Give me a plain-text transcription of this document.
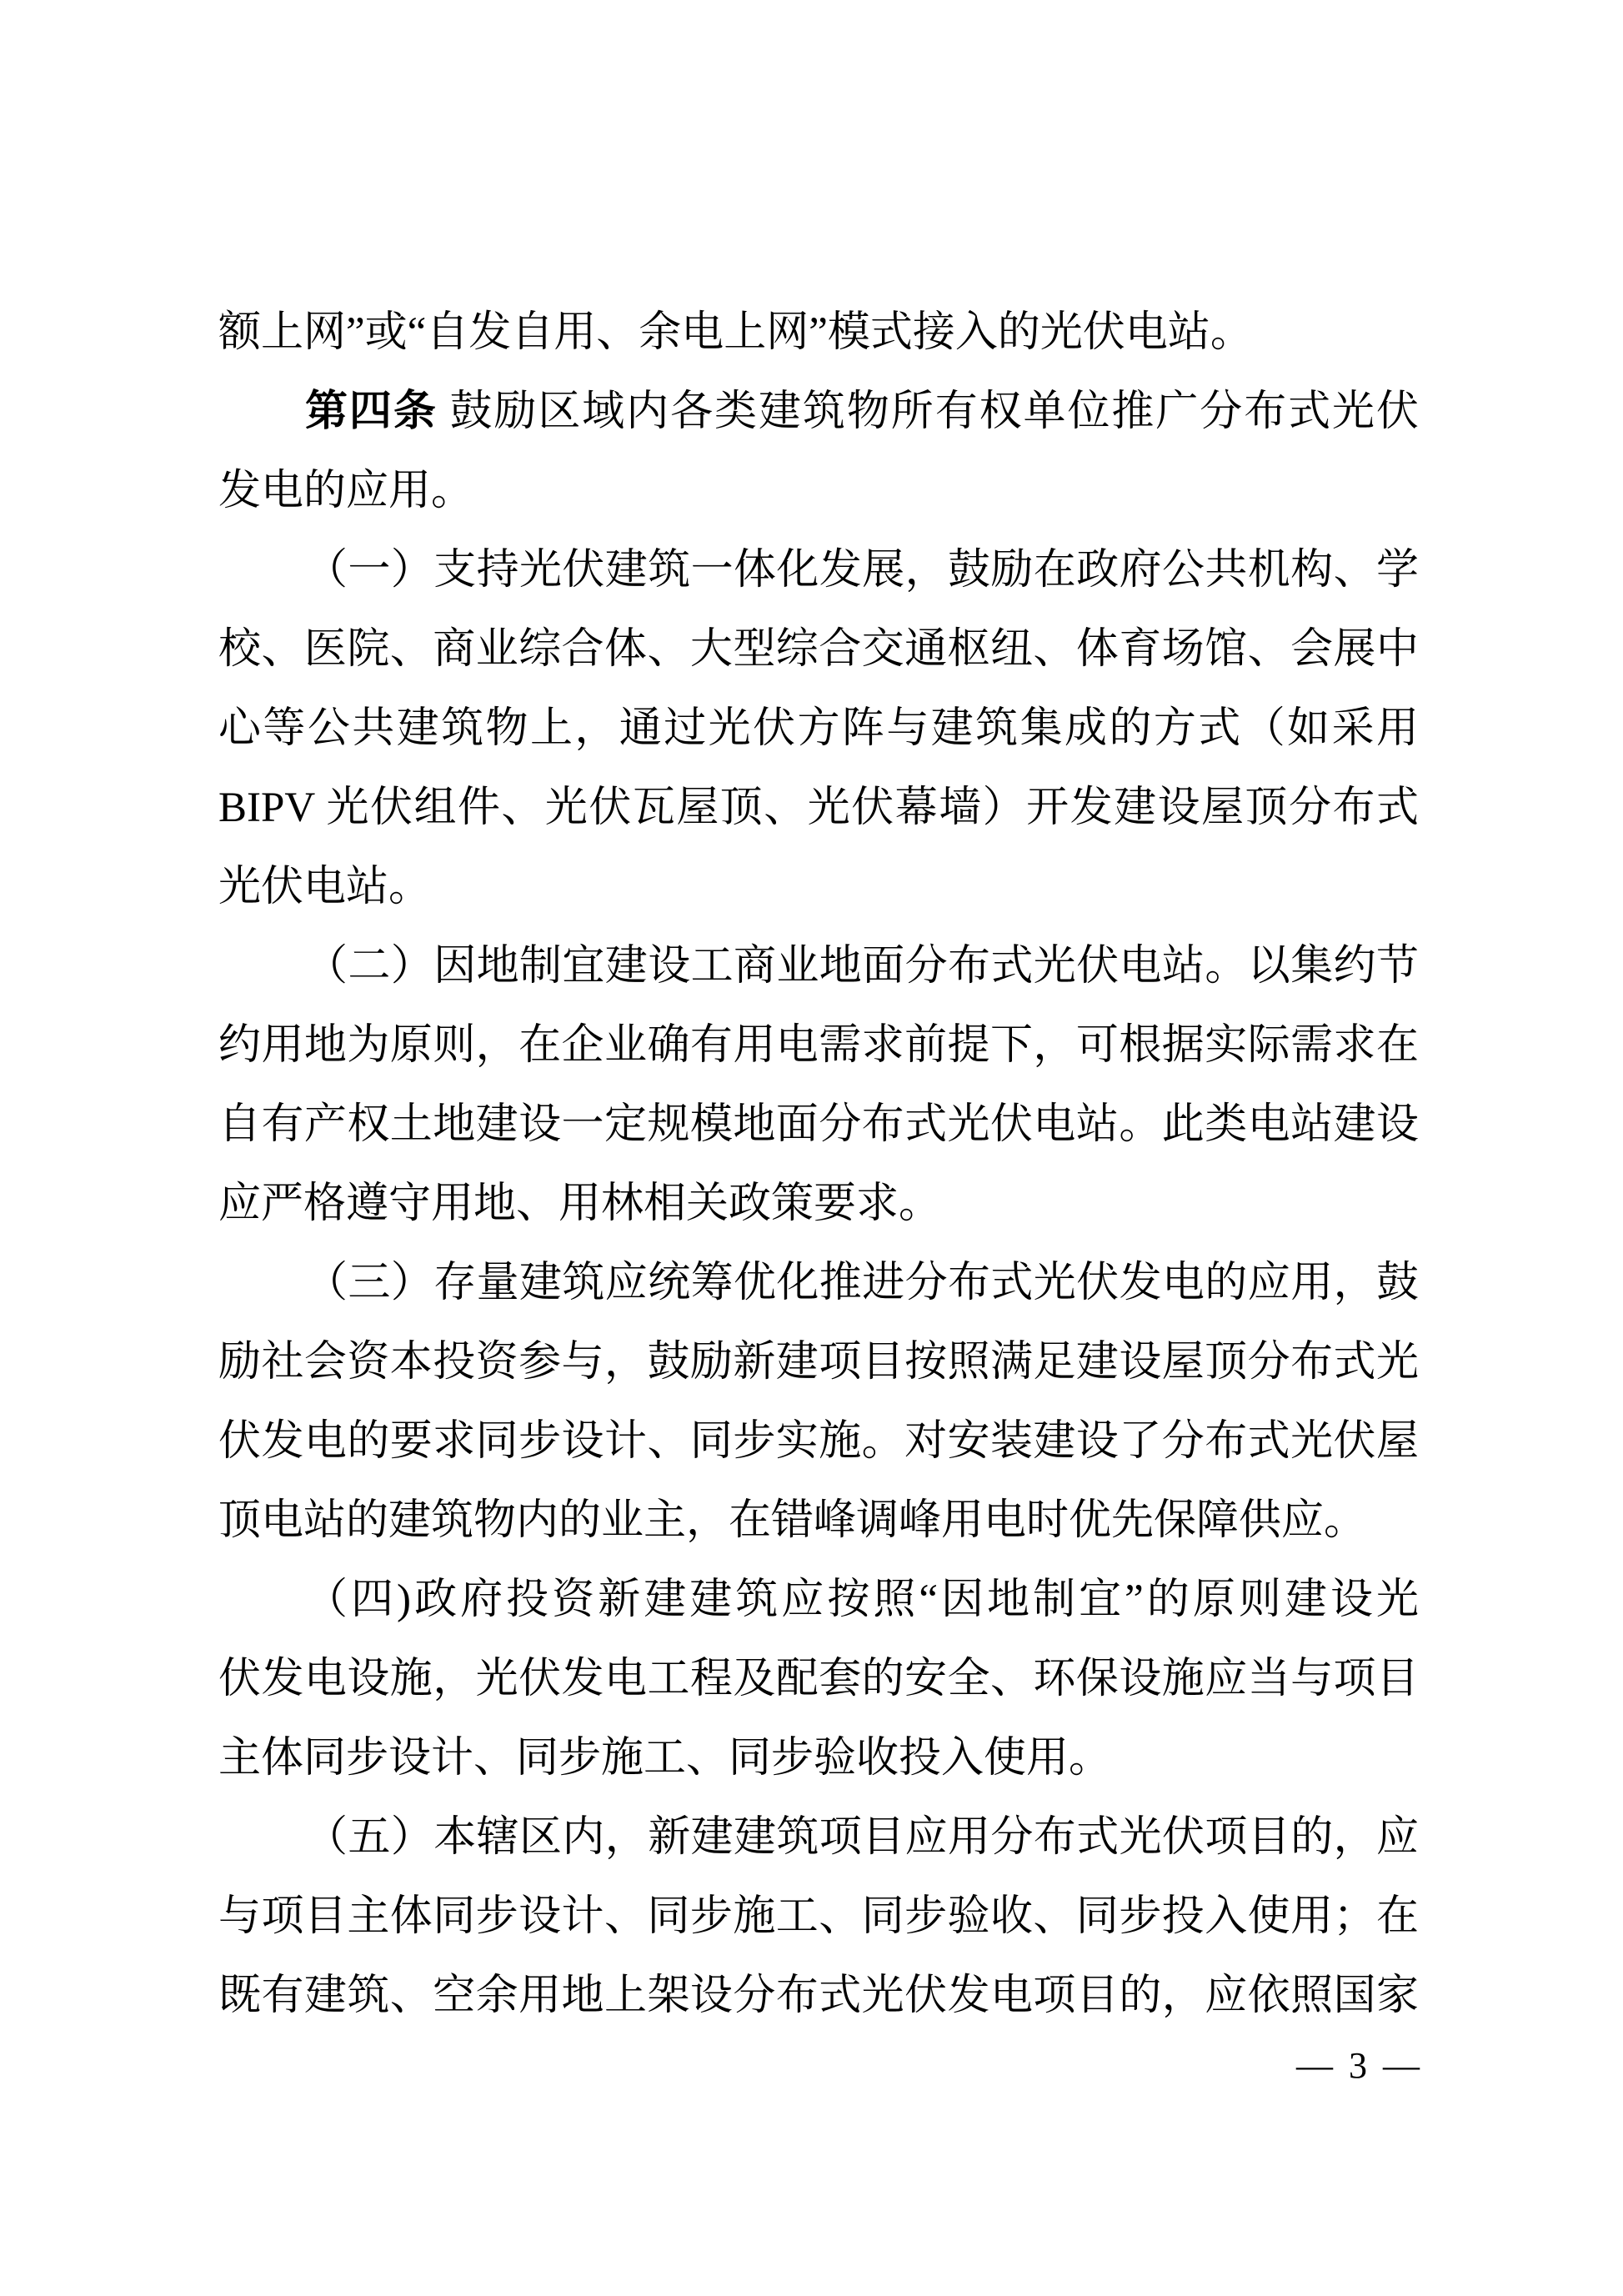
额上网”或“自发自用、余电上网”模式接入的光伏电站。
第四条 鼓励区域内各类建筑物所有权单位推广分布式光伏
发电的应用。
（一）支持光伏建筑一体化发展，鼓励在政府公共机构、学
校、医院、商业综合体、大型综合交通枢纽、体育场馆、会展中
心等公共建筑物上，通过光伏方阵与建筑集成的方式（如采用
BIPV 光伏组件、光伏瓦屋顶、光伏幕墙）开发建设屋顶分布式
光伏电站。
（二）因地制宜建设工商业地面分布式光伏电站。以集约节
约用地为原则，在企业确有用电需求前提下，可根据实际需求在
自有产权土地建设一定规模地面分布式光伏电站。此类电站建设
应严格遵守用地、用林相关政策要求。
（三）存量建筑应统筹优化推进分布式光伏发电的应用，鼓
励社会资本投资参与，鼓励新建项目按照满足建设屋顶分布式光
伏发电的要求同步设计、同步实施。对安装建设了分布式光伏屋
顶电站的建筑物内的业主，在错峰调峰用电时优先保障供应。
（四)政府投资新建建筑应按照“因地制宜”的原则建设光
伏发电设施，光伏发电工程及配套的安全、环保设施应当与项目
主体同步设计、同步施工、同步验收投入使用。
（五）本辖区内，新建建筑项目应用分布式光伏项目的，应
与项目主体同步设计、同步施工、同步验收、同步投入使用；在
既有建筑、空余用地上架设分布式光伏发电项目的，应依照国家
— 3 —
